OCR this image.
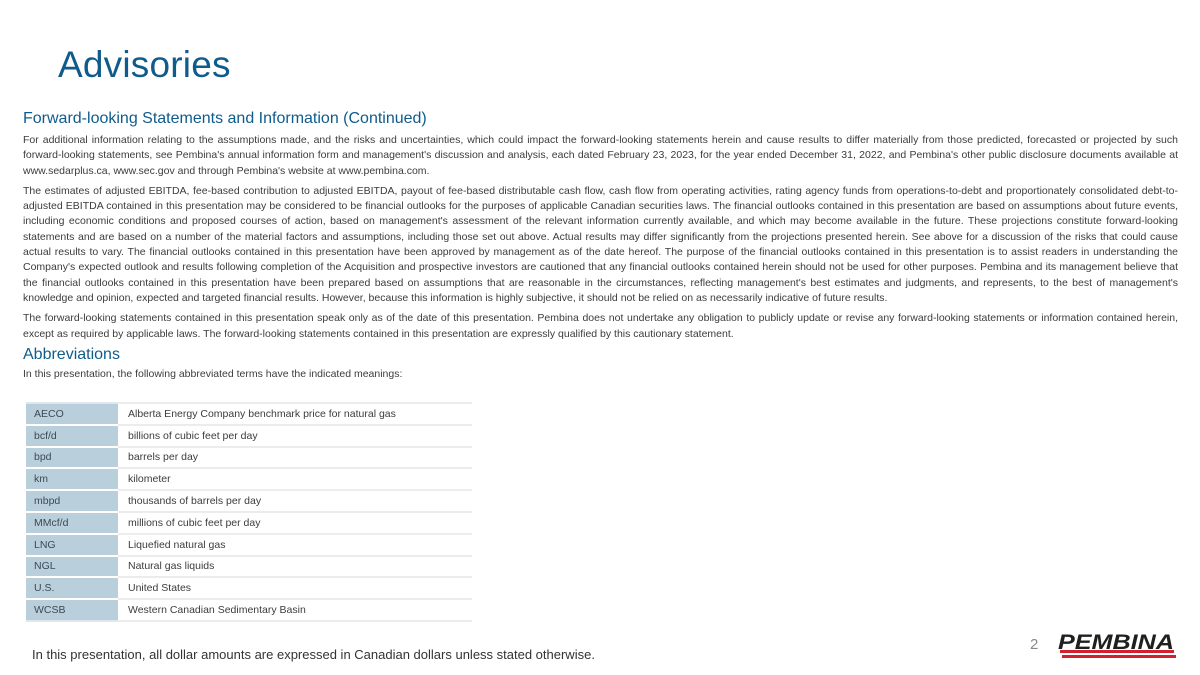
Advisories
Forward-looking Statements and Information (Continued)

For additional information relating to the assumptions made, and the risks and uncertainties, which could impact the forward-looking statements herein and cause results to differ materially from those predicted, forecasted or projected by such forward-looking statements, see Pembina's annual information form and management's discussion and analysis, each dated February 23, 2023, for the year ended December 31, 2022, and Pembina's other public disclosure documents available at www.sedarplus.ca, www.sec.gov and through Pembina's website at www.pembina.com.

The estimates of adjusted EBITDA, fee-based contribution to adjusted EBITDA, payout of fee-based distributable cash flow, cash flow from operating activities, rating agency funds from operations-to-debt and proportionately consolidated debt-to-adjusted EBITDA contained in this presentation may be considered to be financial outlooks for the purposes of applicable Canadian securities laws. The financial outlooks contained in this presentation are based on assumptions about future events, including economic conditions and proposed courses of action, based on management's assessment of the relevant information currently available, and which may become available in the future. These projections constitute forward-looking statements and are based on a number of the material factors and assumptions, including those set out above. Actual results may differ significantly from the projections presented herein. See above for a discussion of the risks that could cause actual results to vary. The financial outlooks contained in this presentation have been approved by management as of the date hereof. The purpose of the financial outlooks contained in this presentation is to assist readers in understanding the Company's expected outlook and results following completion of the Acquisition and prospective investors are cautioned that any financial outlooks contained herein should not be used for other purposes. Pembina and its management believe that the financial outlooks contained in this presentation have been prepared based on assumptions that are reasonable in the circumstances, reflecting management's best estimates and judgments, and represents, to the best of management's knowledge and opinion, expected and targeted financial results. However, because this information is highly subjective, it should not be relied on as necessarily indicative of future results.

The forward-looking statements contained in this presentation speak only as of the date of this presentation. Pembina does not undertake any obligation to publicly update or revise any forward-looking statements or information contained herein, except as required by applicable laws. The forward-looking statements contained in this presentation are expressly qualified by this cautionary statement.

Abbreviations

In this presentation, the following abbreviated terms have the indicated meanings:

AECO	Alberta Energy Company benchmark price for natural gas
bcf/d	billions of cubic feet per day
bpd	barrels per day
km	kilometer
mbpd	thousands of barrels per day
MMcf/d	millions of cubic feet per day
LNG	Liquefied natural gas
NGL	Natural gas liquids
U.S.	United States
WCSB	Western Canadian Sedimentary Basin

In this presentation, all dollar amounts are expressed in Canadian dollars unless stated otherwise.

2 PEMBINA
